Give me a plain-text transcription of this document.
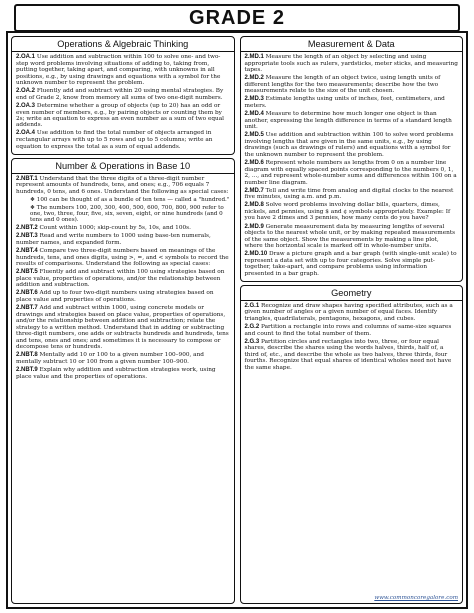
GRADE 2
Operations & Algebraic Thinking

2.OA.1 Use addition and subtraction within 100 to solve one- and two-step word problems involving situations of adding to, taking from, putting together, taking apart, and comparing, with unknowns in all positions, e.g., by using drawings and equations with a symbol for the unknown number to represent the problem.

2.OA.2 Fluently add and subtract within 20 using mental strategies. By end of Grade 2, know from memory all sums of two one-digit numbers.

2.OA.3 Determine whether a group of objects (up to 20) has an odd or even number of members, e.g., by pairing objects or counting them by 2s; write an equation to express an even number as a sum of two equal addends.

2.OA.4 Use addition to find the total number of objects arranged in rectangular arrays with up to 5 rows and up to 5 columns; write an equation to express the total as a sum of equal addends.

Number & Operations in Base 10

2.NBT.1 Understand that the three digits of a three-digit number represent amounts of hundreds, tens, and ones; e.g., 706 equals 7 hundreds, 0 tens, and 6 ones. Understand the following as special cases:

❖ 100 can be thought of as a bundle of ten tens — called a "hundred."

❖ The numbers 100, 200, 300, 400, 500, 600, 700, 800, 900 refer to one, two, three, four, five, six, seven, eight, or nine hundreds (and 0 tens and 0 ones).

2.NBT.2 Count within 1000; skip-count by 5s, 10s, and 100s.

2.NBT.3 Read and write numbers to 1000 using base-ten numerals, number names, and expanded form.

2.NBT.4 Compare two three-digit numbers based on meanings of the hundreds, tens, and ones digits, using >, =, and < symbols to record the results of comparisons. Understand the following as special cases:

2.NBT.5 Fluently add and subtract within 100 using strategies based on place value, properties of operations, and/or the relationship between addition and subtraction.

2.NBT.6 Add up to four two-digit numbers using strategies based on place value and properties of operations.

2.NBT.7 Add and subtract within 1000, using concrete models or drawings and strategies based on place value, properties of operations, and/or the relationship between addition and subtraction; relate the strategy to a written method. Understand that in adding or subtracting three-digit numbers, one adds or subtracts hundreds and hundreds, tens and tens, ones and ones; and sometimes it is necessary to compose or decompose tens or hundreds.

2.NBT.8 Mentally add 10 or 100 to a given number 100–900, and mentally subtract 10 or 100 from a given number 100–900.

2.NBT.9 Explain why addition and subtraction strategies work, using place value and the properties of operations.

Measurement & Data

2.MD.1 Measure the length of an object by selecting and using appropriate tools such as rulers, yardsticks, meter sticks, and measuring tapes.

2.MD.2 Measure the length of an object twice, using length units of different lengths for the two measurements; describe how the two measurements relate to the size of the unit chosen.

2.MD.3 Estimate lengths using units of inches, feet, centimeters, and meters.

2.MD.4 Measure to determine how much longer one object is than another, expressing the length difference in terms of a standard length unit.

2.MD.5 Use addition and subtraction within 100 to solve word problems involving lengths that are given in the same units, e.g., by using drawings (such as drawings of rulers) and equations with a symbol for the unknown number to represent the problem.

2.MD.6 Represent whole numbers as lengths from 0 on a number line diagram with equally spaced points corresponding to the numbers 0, 1, 2, ..., and represent whole-number sums and differences within 100 on a number line diagram.

2.MD.7 Tell and write time from analog and digital clocks to the nearest five minutes, using a.m. and p.m.

2.MD.8 Solve word problems involving dollar bills, quarters, dimes, nickels, and pennies, using $ and ¢ symbols appropriately. Example: If you have 2 dimes and 3 pennies, how many cents do you have?

2.MD.9 Generate measurement data by measuring lengths of several objects to the nearest whole unit, or by making repeated measurements of the same object. Show the measurements by making a line plot, where the horizontal scale is marked off in whole-number units.

2.MD.10 Draw a picture graph and a bar graph (with single-unit scale) to represent a data set with up to four categories. Solve simple put-together, take-apart, and compare problems using information presented in a bar graph.

Geometry

2.G.1 Recognize and draw shapes having specified attributes, such as a given number of angles or a given number of equal faces. Identify triangles, quadrilaterals, pentagons, hexagons, and cubes.

2.G.2 Partition a rectangle into rows and columns of same-size squares and count to find the total number of them.

2.G.3 Partition circles and rectangles into two, three, or four equal shares, describe the shares using the words halves, thirds, half of, a third of, etc., and describe the whole as two halves, three thirds, four fourths. Recognize that equal shares of identical wholes need not have the same shape.

www.commoncoregalore.com
